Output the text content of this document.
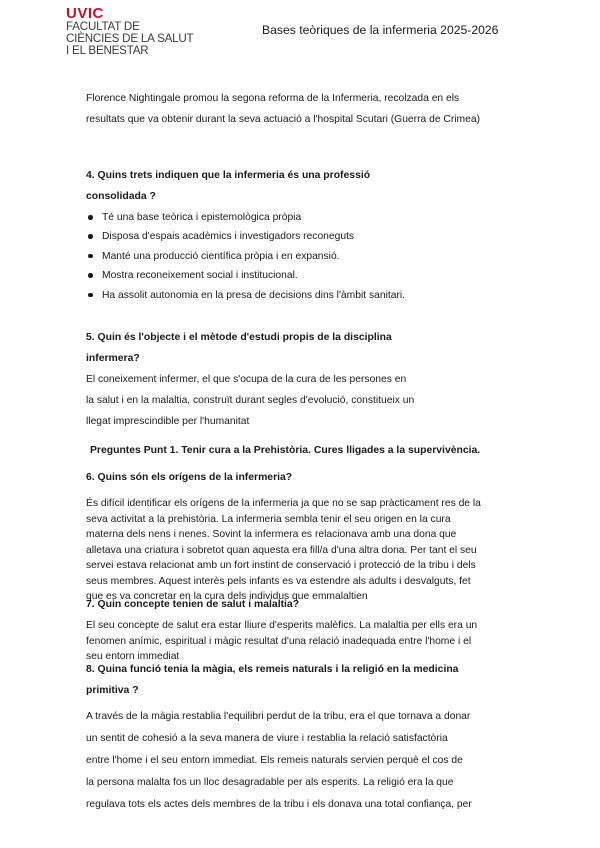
UVIC
FACULTAT DE
CIÈNCIES DE LA SALUT
I EL BENESTAR
Bases teòriques de la infermeria 2025-2026
Florence Nightingale promou la segona reforma de la Infermeria, recolzada en els
resultats que va obtenir durant la seva actuació a l'hospital Scutari (Guerra de Crimea)
4. Quins trets indiquen que la infermeria és una professió
consolidada ?
Té una base teòrica i epistemològica pròpia
Disposa d'espais acadèmics i investigadors reconeguts
Manté una producció científica pròpia i en expansió.
Mostra reconeixement social i institucional.
Ha assolit autonomia en la presa de decisions dins l'àmbit sanitari.
5. Quin és l'objecte i el mètode d'estudi propis de la disciplina
infermera?
El coneixement infermer, el que s'ocupa de la cura de les persones en
la salut i en la malaltia, construït durant segles d'evolució, constitueix un
llegat imprescindible per l'humanitat
Preguntes Punt 1. Tenir cura a la Prehistòria. Cures lligades a la supervivència.
6. Quins són els orígens de la infermeria?
És difícil identificar els orígens de la infermeria ja que no se sap pràcticament res de la
seva activitat a la prehistòria. La infermeria sembla tenir el seu origen en la cura
materna dels nens i nenes. Sovint la infermera es relacionava amb una dona que
alletava una criatura i sobretot quan aquesta era fill/a d'una altra dona. Per tant el seu
servei estava relacionat amb un fort instint de conservació i protecció de la tribu i dels
seus membres. Aquest interès pels infants es va estendre als adults i desvalguts, fet
que es va concretar en la cura dels individus que emmalaltien
7. Quin concepte tenien de salut i malaltia?
El seu concepte de salut era estar lliure d'esperits malèfics. La malaltia per ells era un
fenomen anímic, espiritual i màgic resultat d'una relació inadequada entre l'home i el
seu entorn immediat
8. Quina funció tenia la màgia, els remeis naturals i la religió en la medicina
primitiva ?
A través de la màgia restablia l'equilibri perdut de la tribu, era el que tornava a donar
un sentit de cohesió a la seva manera de viure i restablia la relació satisfactòria
entre l'home i el seu entorn immediat. Els remeis naturals servien perquè el cos de
la persona malalta fos un lloc desagradable per als esperits. La religió era la que
regulava tots els actes dels membres de la tribu i els donava una total confiança, per
